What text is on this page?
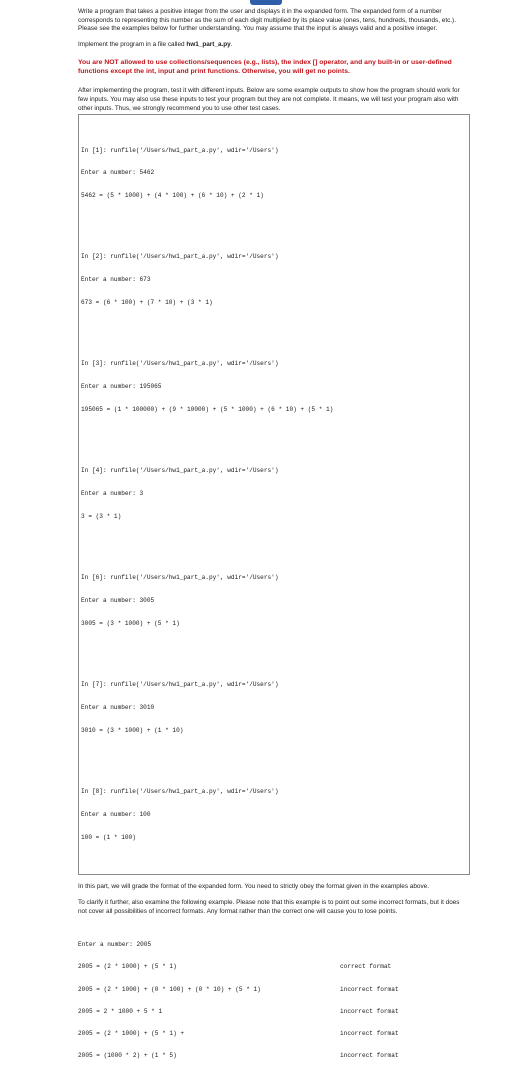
Write a program that takes a positive integer from the user and displays it in the expanded form. The expanded form of a number corresponds to representing this number as the sum of each digit multiplied by its place value (ones, tens, hundreds, thousands, etc.). Please see the examples below for further understanding. You may assume that the input is always valid and a positive integer.

Implement the program in a file called hw1_part_a.py.

You are NOT allowed to use collections/sequences (e.g., lists), the index [] operator, and any built-in or user-defined functions except the int, input and print functions. Otherwise, you will get no points.

After implementing the program, test it with different inputs. Below are some example outputs to show how the program should work for few inputs. You may also use these inputs to test your program but they are not complete. It means, we will test your program also with other inputs. Thus, we strongly recommend you to use other test cases.

In [1]: runfile('/Users/hw1_part_a.py', wdir='/Users')

Enter a number: 5462

5462 = (5 * 1000) + (4 * 100) + (6 * 10) + (2 * 1)

In [2]: runfile('/Users/hw1_part_a.py', wdir='/Users')

Enter a number: 673

673 = (6 * 100) + (7 * 10) + (3 * 1)

In [3]: runfile('/Users/hw1_part_a.py', wdir='/Users')

Enter a number: 195065

195065 = (1 * 100000) + (9 * 10000) + (5 * 1000) + (6 * 10) + (5 * 1)

In [4]: runfile('/Users/hw1_part_a.py', wdir='/Users')

Enter a number: 3

3 = (3 * 1)

In [6]: runfile('/Users/hw1_part_a.py', wdir='/Users')

Enter a number: 3005

3005 = (3 * 1000) + (5 * 1)

In [7]: runfile('/Users/hw1_part_a.py', wdir='/Users')

Enter a number: 3010

3010 = (3 * 1000) + (1 * 10)

In [8]: runfile('/Users/hw1_part_a.py', wdir='/Users')

Enter a number: 100

100 = (1 * 100)

In this part, we will grade the format of the expanded form. You need to strictly obey the format given in the examples above.

To clarify it further, also examine the following example. Please note that this example is to point out some incorrect formats, but it does not cover all possibilities of incorrect formats. Any format rather than the correct one will cause you to lose points.

Enter a number: 2005

2005 = (2 * 1000) + (5 * 1)	correct format

2005 = (2 * 1000) + (0 * 100) + (0 * 10) + (5 * 1)	incorrect format

2005 = 2 * 1000 + 5 * 1	incorrect format

2005 = (2 * 1000) + (5 * 1) +	incorrect format

2005 = (1000 * 2) + (1 * 5)	incorrect format
